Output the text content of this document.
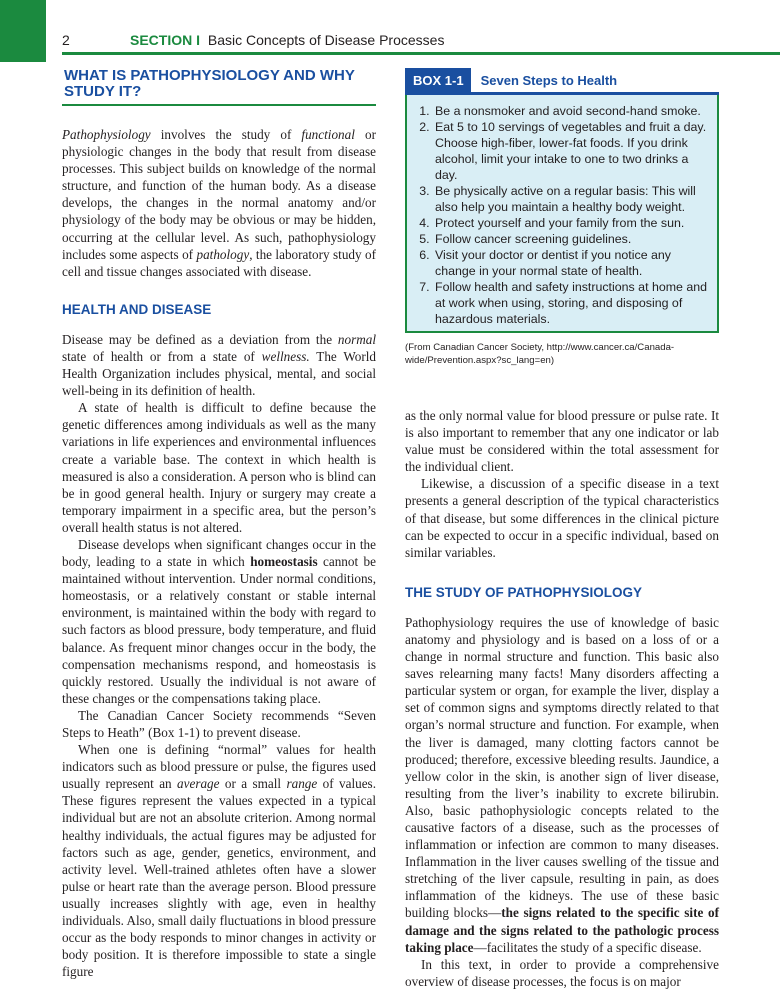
2	SECTION I Basic Concepts of Disease Processes
WHAT IS PATHOPHYSIOLOGY AND WHY STUDY IT?

Pathophysiology involves the study of functional or physiologic changes in the body that result from disease processes. This subject builds on knowledge of the normal structure, and function of the human body. As a disease develops, the changes in the normal anatomy and/or physiology of the body may be obvious or may be hidden, occurring at the cellular level. As such, pathophysiology includes some aspects of pathology, the laboratory study of cell and tissue changes associated with disease.

HEALTH AND DISEASE

Disease may be defined as a deviation from the normal state of health or from a state of wellness. The World Health Organization includes physical, mental, and social well-being in its definition of health.

A state of health is difficult to define because the genetic differences among individuals as well as the many variations in life experiences and environmental influences create a variable base. The context in which health is measured is also a consideration. A person who is blind can be in good general health. Injury or surgery may create a temporary impairment in a specific area, but the person’s overall health status is not altered.

Disease develops when significant changes occur in the body, leading to a state in which homeostasis cannot be maintained without intervention. Under normal conditions, homeostasis, or a relatively constant or stable internal environment, is maintained within the body with regard to such factors as blood pressure, body temperature, and fluid balance. As frequent minor changes occur in the body, the compensation mechanisms respond, and homeostasis is quickly restored. Usually the individual is not aware of these changes or the compensations taking place.

The Canadian Cancer Society recommends “Seven Steps to Heath” (Box 1-1) to prevent disease.

When one is defining “normal” values for health indicators such as blood pressure or pulse, the figures used usually represent an average or a small range of values. These figures represent the values expected in a typical individual but are not an absolute criterion. Among normal healthy individuals, the actual figures may be adjusted for factors such as age, gender, genetics, environment, and activity level. Well-trained athletes often have a slower pulse or heart rate than the average person. Blood pressure usually increases slightly with age, even in healthy individuals. Also, small daily fluctuations in blood pressure occur as the body responds to minor changes in activity or body position. It is therefore impossible to state a single figure

BOX 1-1	Seven Steps to Health
1. Be a nonsmoker and avoid second-hand smoke.
2. Eat 5 to 10 servings of vegetables and fruit a day. Choose high-fiber, lower-fat foods. If you drink alcohol, limit your intake to one to two drinks a day.
3. Be physically active on a regular basis: This will also help you maintain a healthy body weight.
4. Protect yourself and your family from the sun.
5. Follow cancer screening guidelines.
6. Visit your doctor or dentist if you notice any change in your normal state of health.
7. Follow health and safety instructions at home and at work when using, storing, and disposing of hazardous materials.
(From Canadian Cancer Society, http://www.cancer.ca/Canada-wide/Prevention.aspx?sc_lang=en)

as the only normal value for blood pressure or pulse rate. It is also important to remember that any one indicator or lab value must be considered within the total assessment for the individual client.

Likewise, a discussion of a specific disease in a text presents a general description of the typical characteristics of that disease, but some differences in the clinical picture can be expected to occur in a specific individual, based on similar variables.

THE STUDY OF PATHOPHYSIOLOGY

Pathophysiology requires the use of knowledge of basic anatomy and physiology and is based on a loss of or a change in normal structure and function. This basic also saves relearning many facts! Many disorders affecting a particular system or organ, for example the liver, display a set of common signs and symptoms directly related to that organ’s normal structure and function. For example, when the liver is damaged, many clotting factors cannot be produced; therefore, excessive bleeding results. Jaundice, a yellow color in the skin, is another sign of liver disease, resulting from the liver’s inability to excrete bilirubin. Also, basic pathophysiologic concepts related to the causative factors of a disease, such as the processes of inflammation or infection are common to many diseases. Inflammation in the liver causes swelling of the tissue and stretching of the liver capsule, resulting in pain, as does inflammation of the kidneys. The use of these basic building blocks—the signs related to the specific site of damage and the signs related to the pathologic process taking place—facilitates the study of a specific disease.

In this text, in order to provide a comprehensive overview of disease processes, the focus is on major
